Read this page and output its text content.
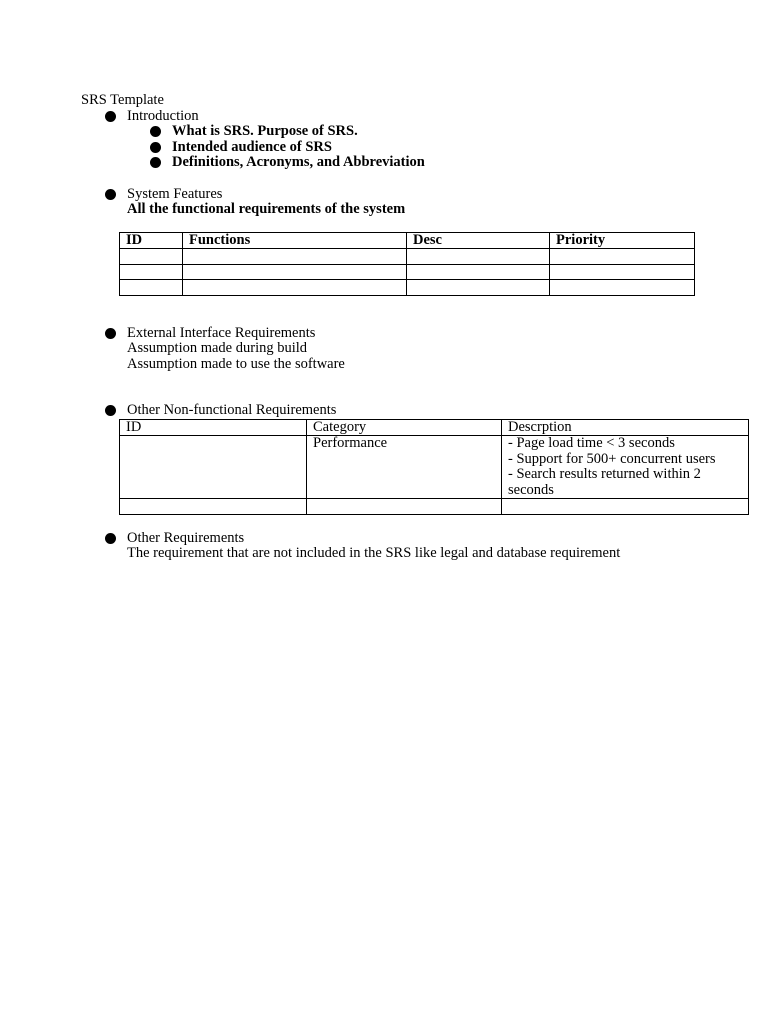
SRS Template
Introduction
What is SRS. Purpose of SRS.
Intended audience of SRS
Definitions, Acronyms, and Abbreviation
System Features
All the functional requirements of the system
ID	Functions	Desc	Priority

External Interface Requirements
Assumption made during build
Assumption made to use the software
Other Non-functional Requirements
ID	Category	Descrption
	Performance	- Page load time < 3 seconds
- Support for 500+ concurrent users
- Search results returned within 2 seconds

Other Requirements
The requirement that are not included in the SRS like legal and database requirement
